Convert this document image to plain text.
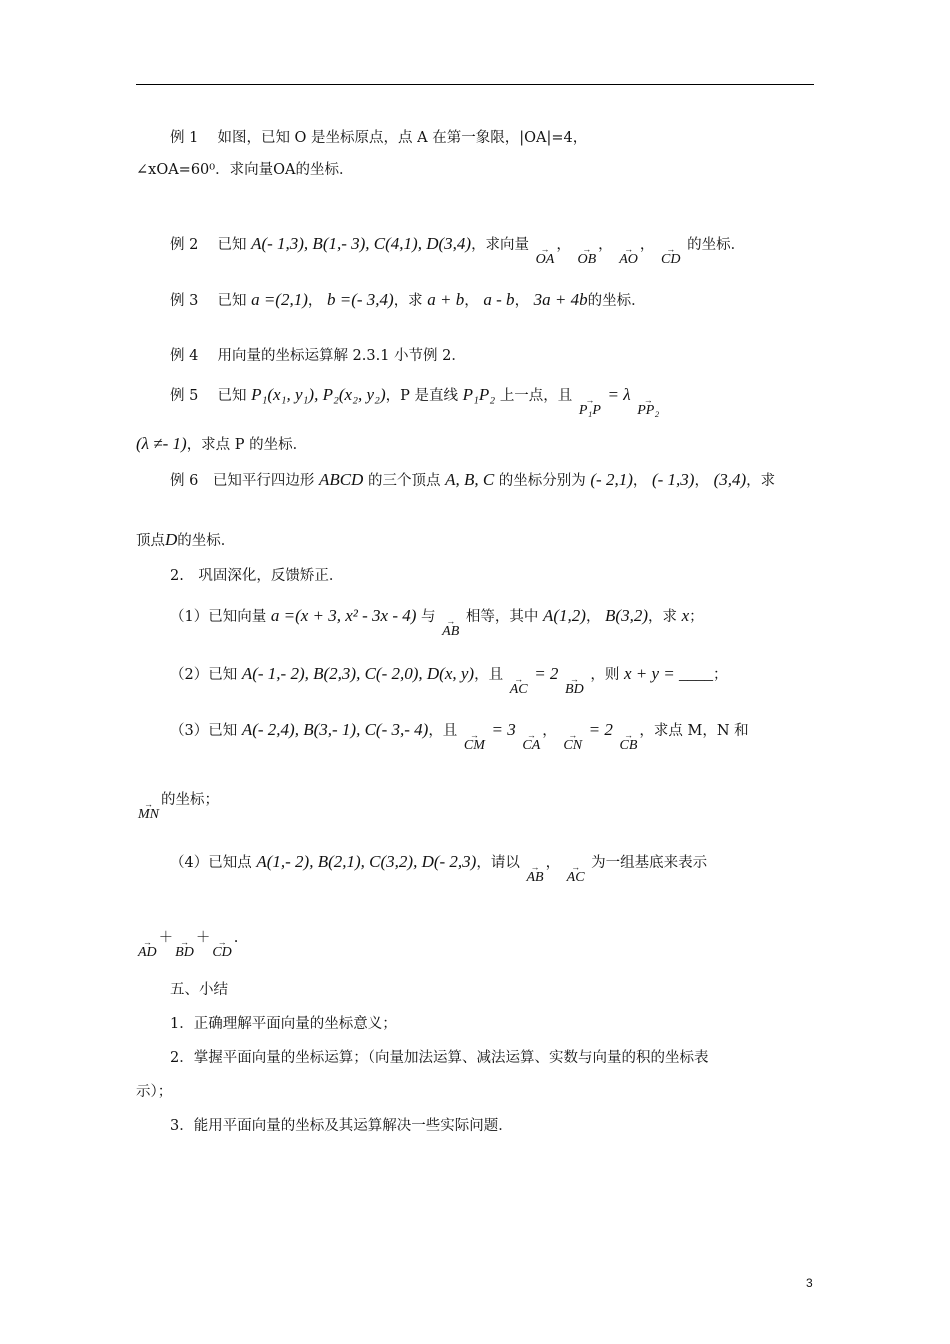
例 1　 如图，已知 O 是坐标原点，点 A 在第一象限，|OA|=4，
∠xOA=60⁰．求向量OA的坐标．
例 2　 已知 A(- 1,3), B(1,- 3), C(4,1), D(3,4)，求向量	→
OA，	→
OB，	→
AO，	→
CD 的坐标．
例 3　 已知 a =(2,1)， b =(- 3,4)，求 a + b， a - b， 3a + 4b的坐标．
例 4　 用向量的坐标运算解 2.3.1 小节例 2．
例 5　 已知 P₁(x₁, y₁), P₂(x₂, y₂)，P 是直线 P₁P₂ 上一点，且	→
P₁P = λ	→
PP₂
(λ ≠- 1)，求点 P 的坐标．
例 6　已知平行四边形 ABCD 的三个顶点 A, B, C 的坐标分别为 (- 2,1)， (- 1,3)， (3,4)，求
顶点D的坐标．
2.　巩固深化，反馈矫正．
（1）已知向量 a =(x + 3, x² - 3x - 4) 与	→
AB 相等，其中 A(1,2)， B(3,2)，求 x；
（2）已知 A(- 1,- 2), B(2,3), C(- 2,0), D(x, y)，且	→
AC = 2	→
BD ，则 x + y = ____；
（3）已知 A(- 2,4), B(3,- 1), C(- 3,- 4)，且	→
CM = 3	→
CA， →
CN = 2	→
CB，求点 M，N 和
→
MN的坐标；
（4）已知点 A(1,- 2), B(2,1), C(3,2), D(- 2,3)，请以	→
AB， →
AC 为一组基底来表示
→
AD＋ →
BD＋ →
CD.
五、小结
1．正确理解平面向量的坐标意义；
2．掌握平面向量的坐标运算；（向量加法运算、减法运算、实数与向量的积的坐标表
示）；
3．能用平面向量的坐标及其运算解决一些实际问题．
3
